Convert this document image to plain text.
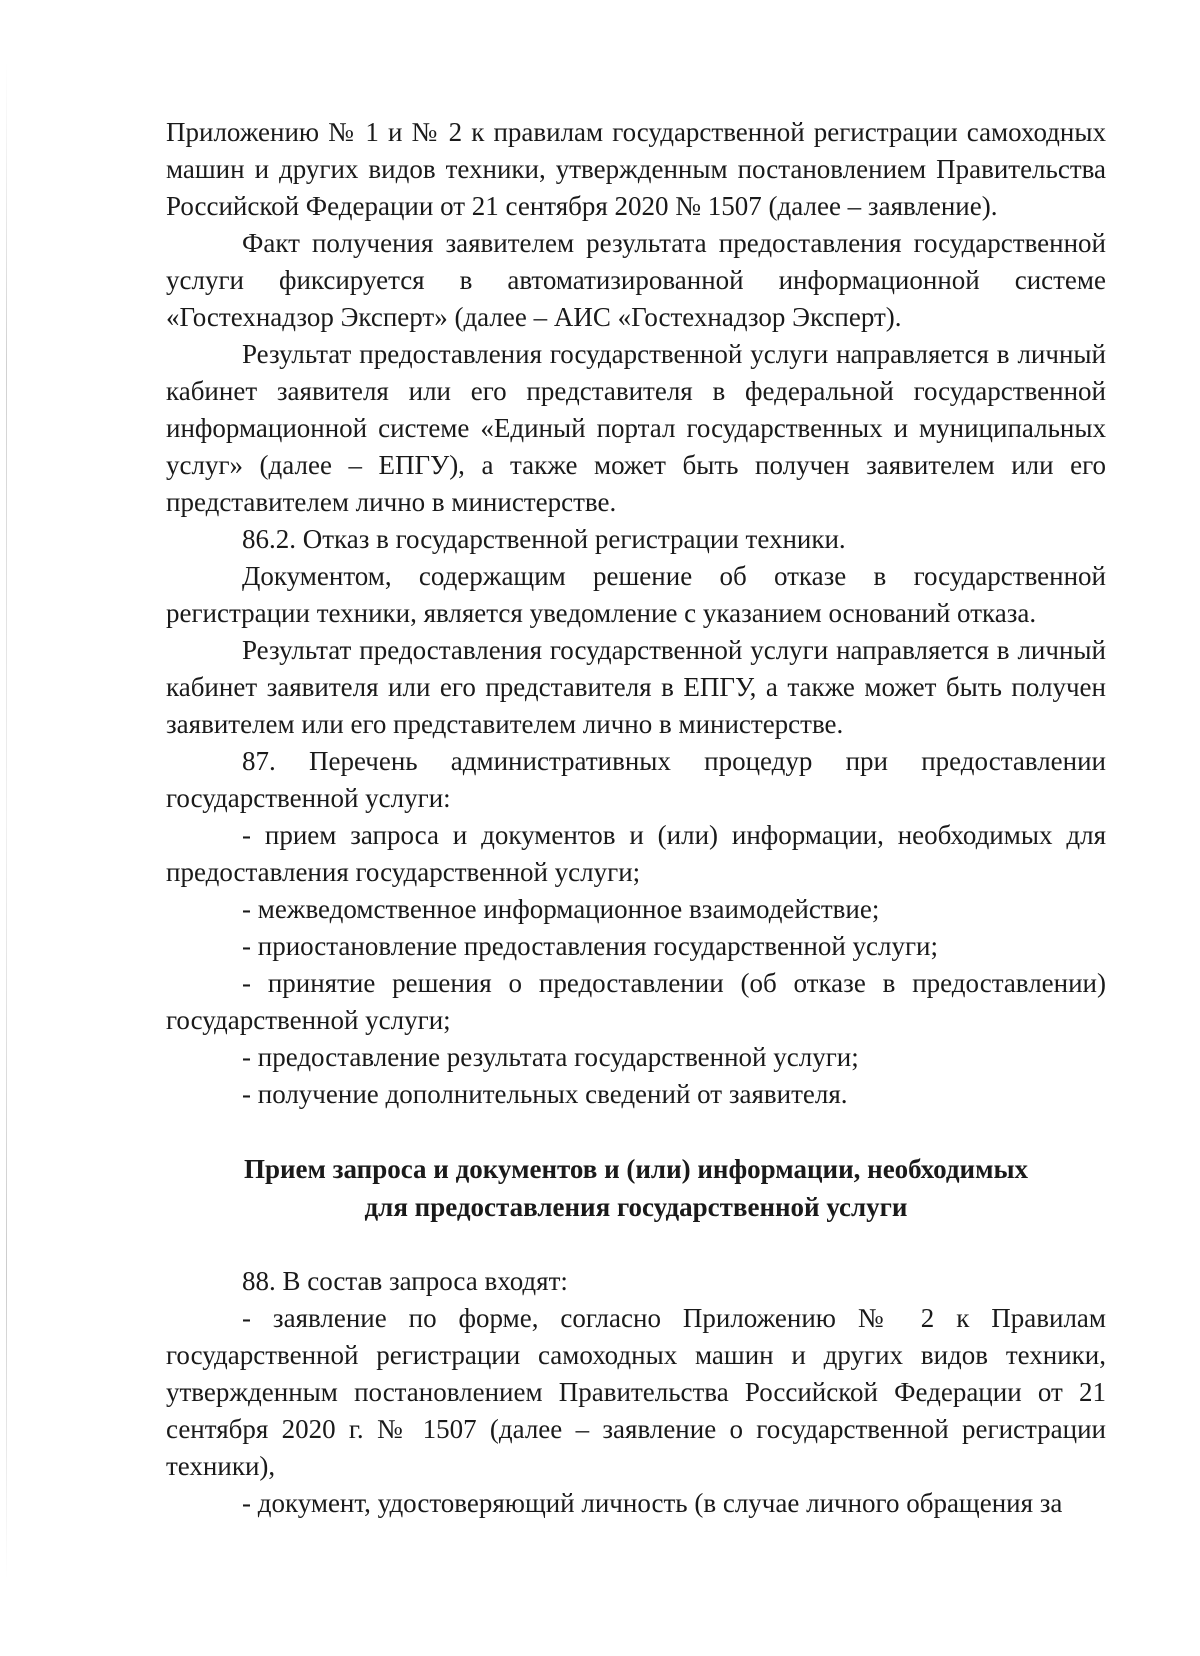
Приложению № 1 и № 2 к правилам государственной регистрации самоходных машин и других видов техники, утвержденным постановлением Правительства Российской Федерации от 21 сентября 2020 № 1507 (далее – заявление).

Факт получения заявителем результата предоставления государственной услуги фиксируется в автоматизированной информационной системе «Гостехнадзор Эксперт» (далее – АИС «Гостехнадзор Эксперт).

Результат предоставления государственной услуги направляется в личный кабинет заявителя или его представителя в федеральной государственной информационной системе «Единый портал государственных и муниципальных услуг» (далее – ЕПГУ), а также может быть получен заявителем или его представителем лично в министерстве.

86.2. Отказ в государственной регистрации техники.

Документом, содержащим решение об отказе в государственной регистрации техники, является уведомление с указанием оснований отказа.

Результат предоставления государственной услуги направляется в личный кабинет заявителя или его представителя в ЕПГУ, а также может быть получен заявителем или его представителем лично в министерстве.

87. Перечень административных процедур при предоставлении государственной услуги:

- прием запроса и документов и (или) информации, необходимых для предоставления государственной услуги;

- межведомственное информационное взаимодействие;

- приостановление предоставления государственной услуги;

- принятие решения о предоставлении (об отказе в предоставлении) государственной услуги;

- предоставление результата государственной услуги;

- получение дополнительных сведений от заявителя.

Прием запроса и документов и (или) информации, необходимых
для предоставления государственной услуги

88. В состав запроса входят:

- заявление по форме, согласно Приложению № 2 к Правилам государственной регистрации самоходных машин и других видов техники, утвержденным постановлением Правительства Российской Федерации от 21 сентября 2020 г. № 1507 (далее – заявление о государственной регистрации техники),

- документ, удостоверяющий личность (в случае личного обращения за
